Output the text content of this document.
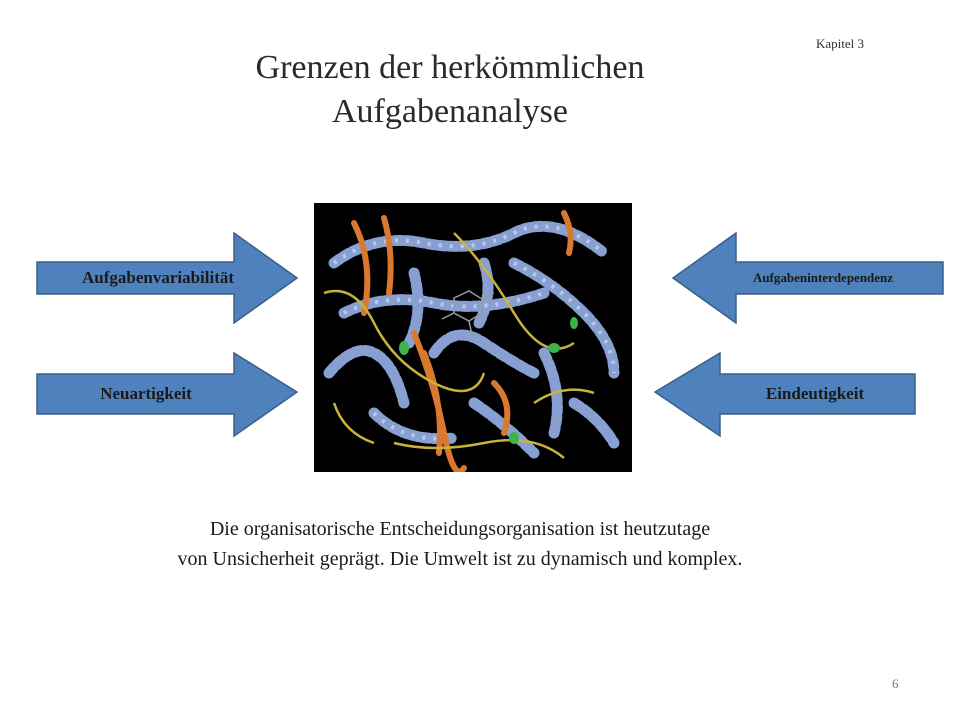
Kapitel 3
Grenzen der herkömmlichen
Aufgabenanalyse
Aufgabenvariabilität
Neuartigkeit
Aufgabeninterdependenz
Eindeutigkeit
Die organisatorische Entscheidungsorganisation ist heutzutage
von Unsicherheit geprägt. Die Umwelt ist zu dynamisch und komplex.
6
